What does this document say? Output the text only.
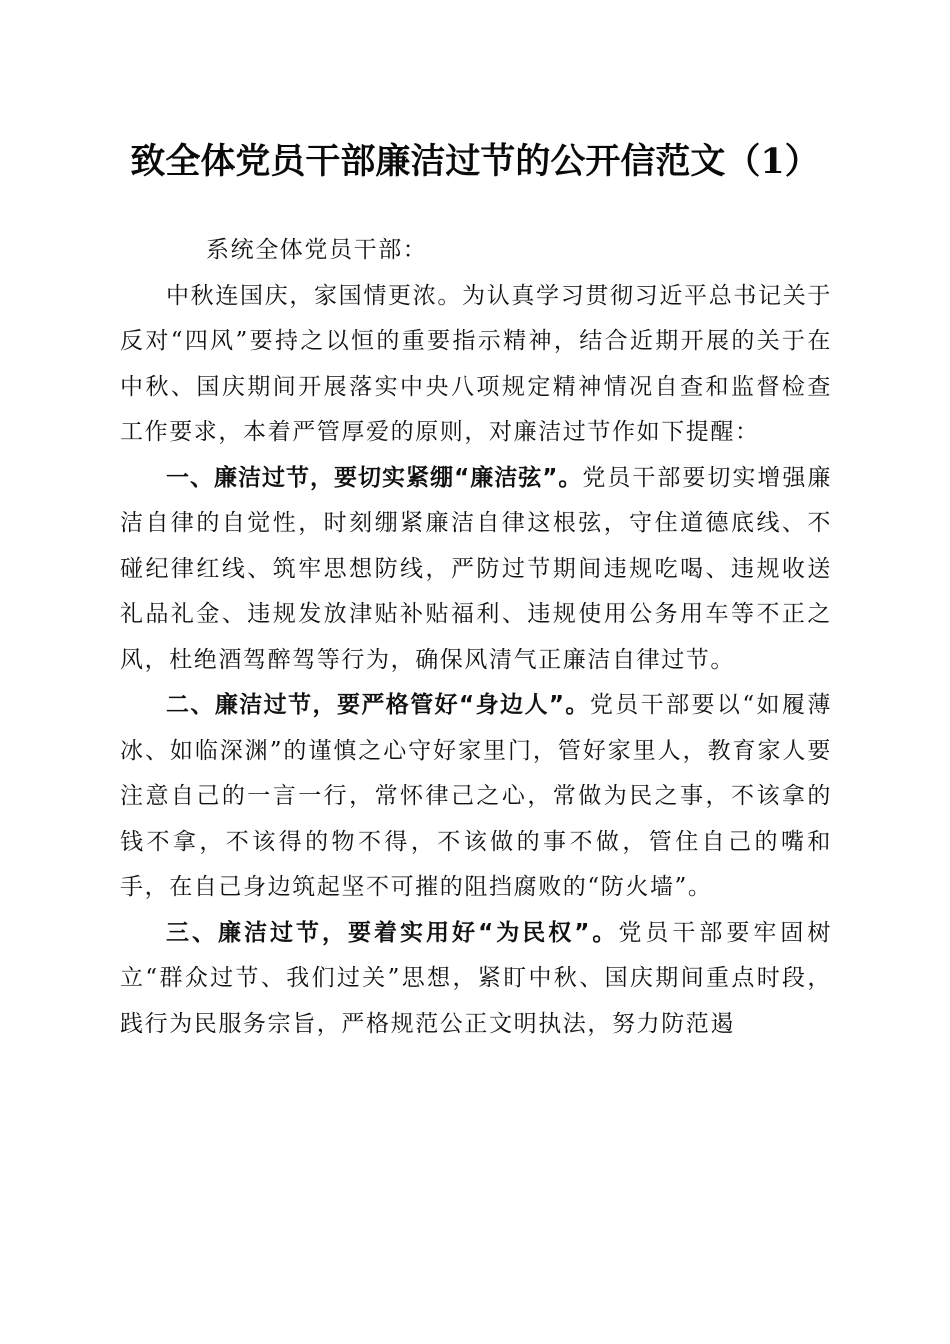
致全体党员干部廉洁过节的公开信范文（1）

系统全体党员干部：

中秋连国庆，家国情更浓。为认真学习贯彻习近平总书记关于反对“四风”要持之以恒的重要指示精神，结合近期开展的关于在中秋、国庆期间开展落实中央八项规定精神情况自查和监督检查工作要求，本着严管厚爱的原则，对廉洁过节作如下提醒：

一、廉洁过节，要切实紧绷“廉洁弦”。党员干部要切实增强廉洁自律的自觉性，时刻绷紧廉洁自律这根弦，守住道德底线、不碰纪律红线、筑牢思想防线，严防过节期间违规吃喝、违规收送礼品礼金、违规发放津贴补贴福利、违规使用公务用车等不正之风，杜绝酒驾醉驾等行为，确保风清气正廉洁自律过节。

二、廉洁过节，要严格管好“身边人”。党员干部要以“如履薄冰、如临深渊”的谨慎之心守好家里门，管好家里人，教育家人要注意自己的一言一行，常怀律己之心，常做为民之事，不该拿的钱不拿，不该得的物不得，不该做的事不做，管住自己的嘴和手，在自己身边筑起坚不可摧的阻挡腐败的“防火墙”。

三、廉洁过节，要着实用好“为民权”。党员干部要牢固树立“群众过节、我们过关”思想，紧盯中秋、国庆期间重点时段，践行为民服务宗旨，严格规范公正文明执法，努力防范遏
